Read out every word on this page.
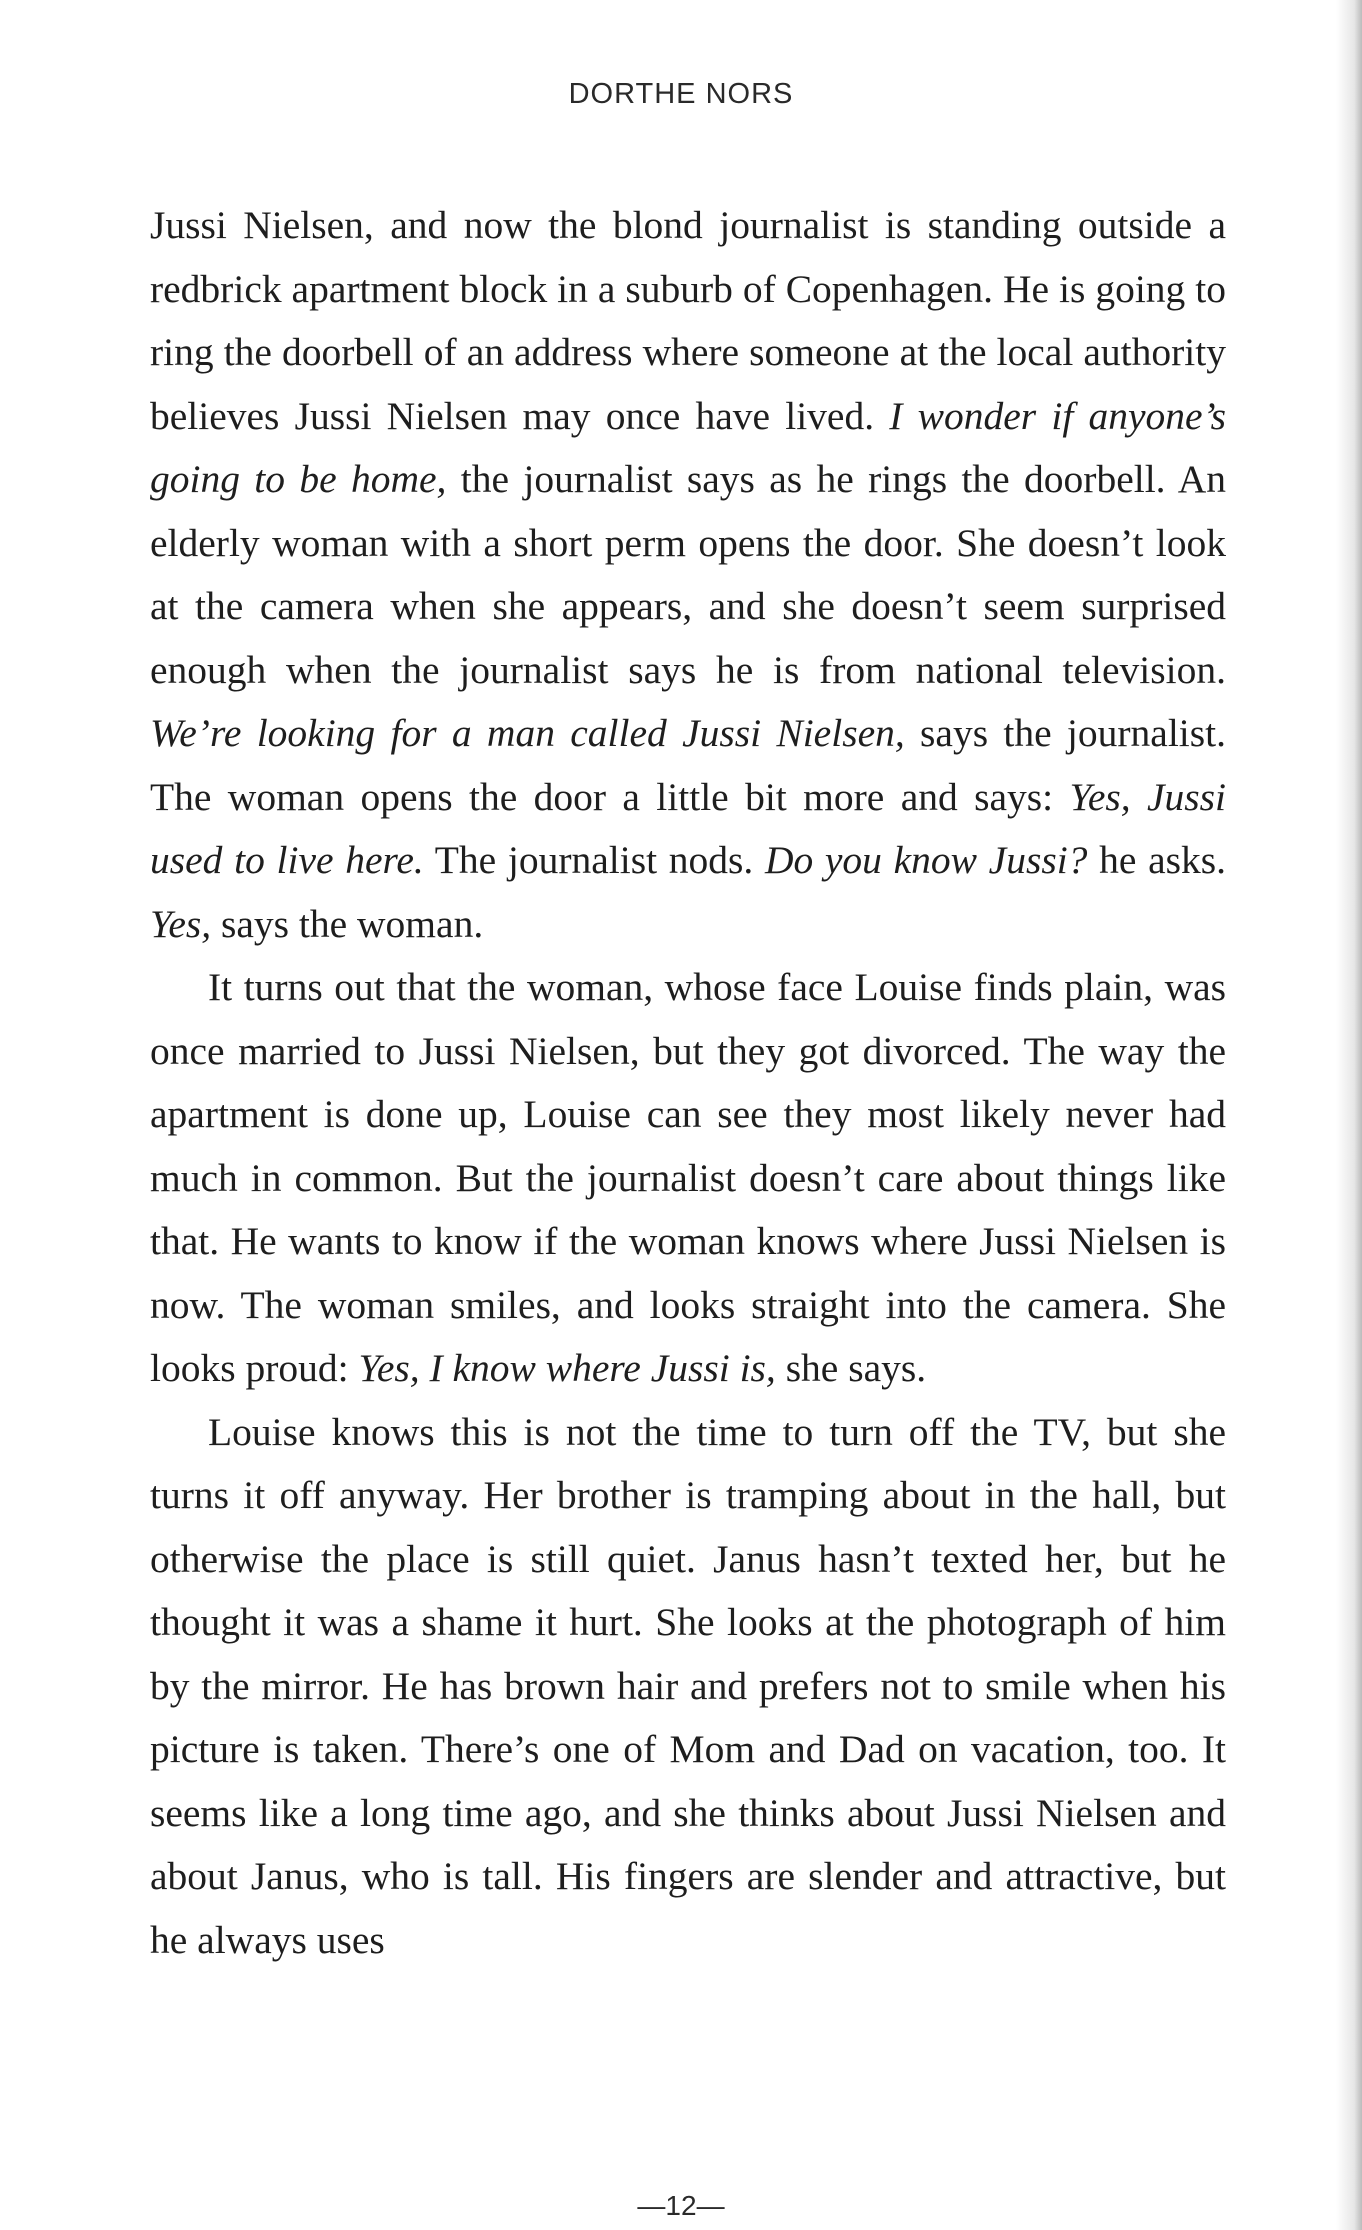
DORTHE NORS

Jussi Nielsen, and now the blond journalist is standing outside a redbrick apartment block in a suburb of Copenhagen. He is going to ring the doorbell of an address where someone at the local authority believes Jussi Nielsen may once have lived. I wonder if anyone’s going to be home, the journalist says as he rings the doorbell. An elderly woman with a short perm opens the door. She doesn’t look at the camera when she appears, and she doesn’t seem surprised enough when the journalist says he is from national television. We’re looking for a man called Jussi Nielsen, says the journalist. The woman opens the door a little bit more and says: Yes, Jussi used to live here. The journalist nods. Do you know Jussi? he asks. Yes, says the woman.

It turns out that the woman, whose face Louise finds plain, was once married to Jussi Nielsen, but they got divorced. The way the apartment is done up, Louise can see they most likely never had much in common. But the journalist doesn’t care about things like that. He wants to know if the woman knows where Jussi Nielsen is now. The woman smiles, and looks straight into the camera. She looks proud: Yes, I know where Jussi is, she says.

Louise knows this is not the time to turn off the TV, but she turns it off anyway. Her brother is tramping about in the hall, but otherwise the place is still quiet. Janus hasn’t texted her, but he thought it was a shame it hurt. She looks at the photograph of him by the mirror. He has brown hair and prefers not to smile when his picture is taken. There’s one of Mom and Dad on vacation, too. It seems like a long time ago, and she thinks about Jussi Nielsen and about Janus, who is tall. His fingers are slender and attractive, but he always uses

—12—
